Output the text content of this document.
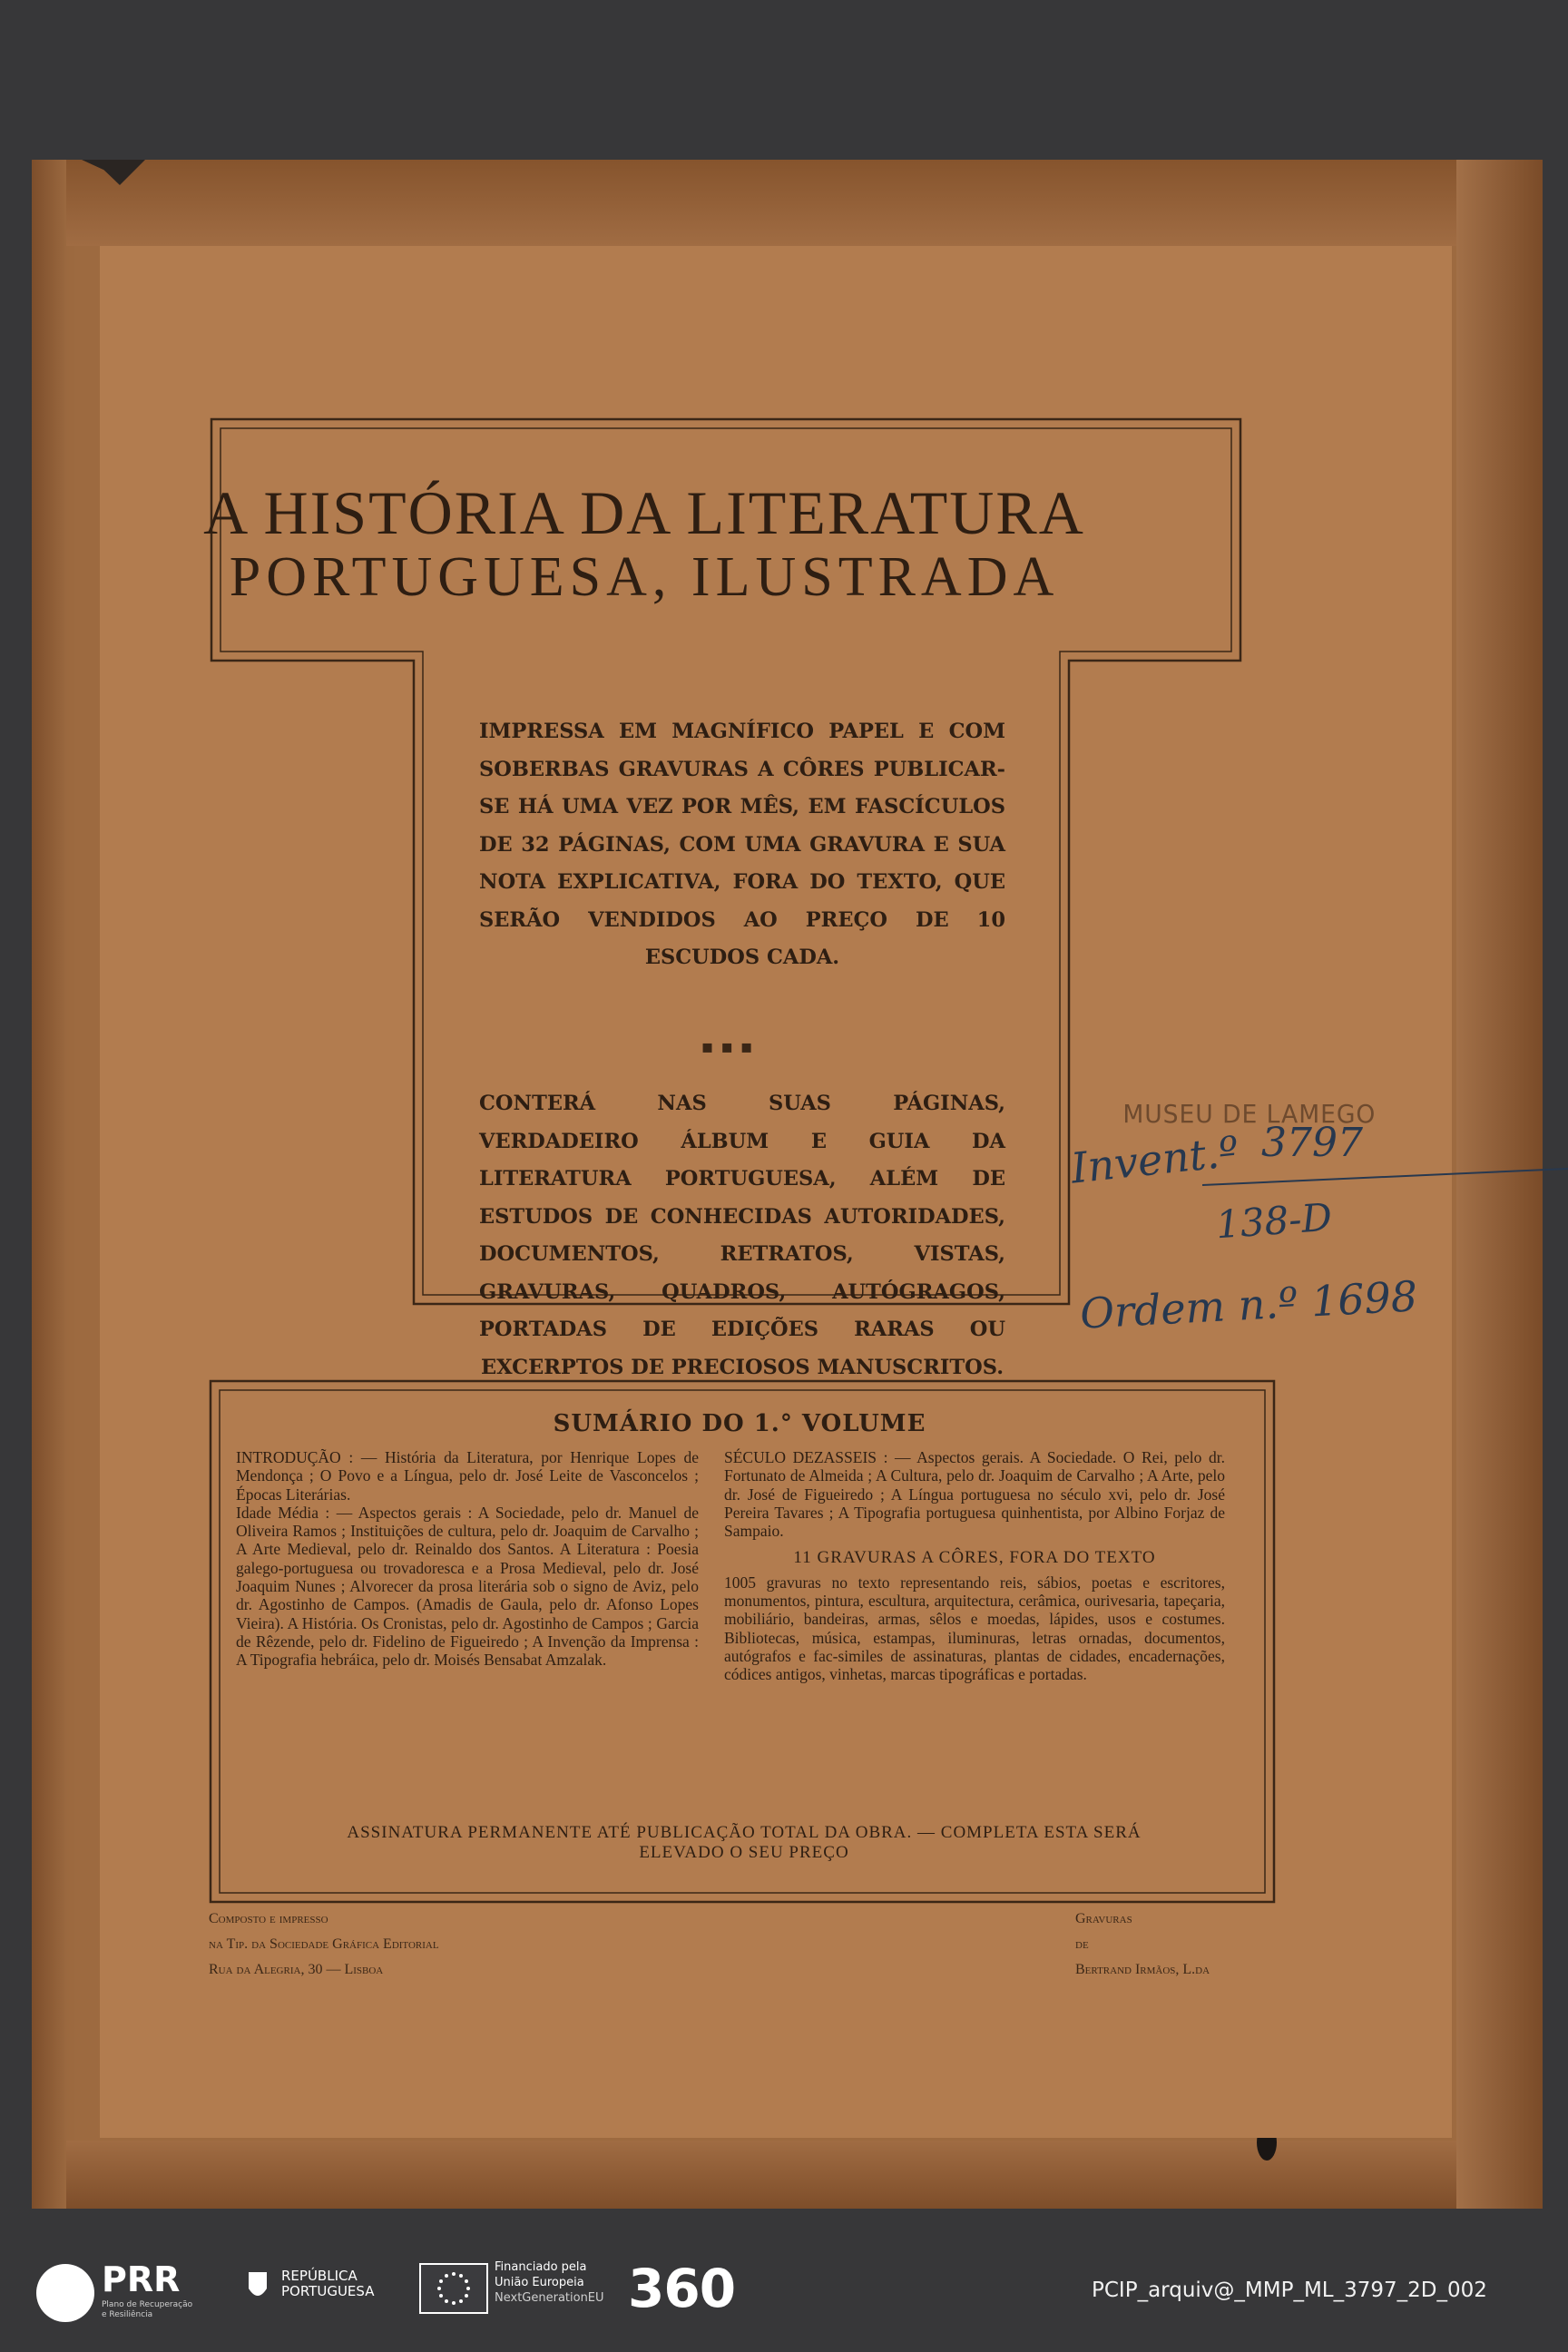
A HISTÓRIA DA LITERATURA
PORTUGUESA, ILUSTRADA
IMPRESSA EM MAGNÍFICO PAPEL E COM SOBERBAS GRAVURAS A CÔRES PUBLICAR-SE HÁ UMA VEZ POR MÊS, EM FASCÍCULOS DE 32 PÁGINAS, COM UMA GRAVURA E SUA NOTA EXPLICATIVA, FORA DO TEXTO, QUE SERÃO VENDIDOS AO PREÇO DE 10 ESCUDOS CADA.
▪▪▪
CONTERÁ NAS SUAS PÁGINAS, VERDADEIRO ÁLBUM E GUIA DA LITERATURA PORTUGUESA, ALÉM DE ESTUDOS DE CONHECIDAS AUTORIDADES, DOCUMENTOS, RETRATOS, VISTAS, GRAVURAS, QUADROS, AUTÓGRAGOS, PORTADAS DE EDIÇÕES RARAS OU EXCERPTOS DE PRECIOSOS MANUSCRITOS.
SUMÁRIO DO 1.° VOLUME
INTRODUÇÃO : — História da Literatura, por Henrique Lopes de Mendonça ; O Povo e a Língua, pelo dr. José Leite de Vasconcelos ; Épocas Literárias.
Idade Média : — Aspectos gerais : A Sociedade, pelo dr. Manuel de Oliveira Ramos ; Instituições de cultura, pelo dr. Joaquim de Carvalho ; A Arte Medieval, pelo dr. Reinaldo dos Santos. A Literatura : Poesia galego-portuguesa ou trovadoresca e a Prosa Medieval, pelo dr. José Joaquim Nunes ; Alvorecer da prosa literária sob o signo de Aviz, pelo dr. Agostinho de Campos. (Amadis de Gaula, pelo dr. Afonso Lopes Vieira). A História. Os Cronistas, pelo dr. Agostinho de Campos ; Garcia de Rêzende, pelo dr. Fidelino de Figueiredo ; A Invenção da Imprensa : A Tipografia hebráica, pelo dr. Moisés Bensabat Amzalak.
SÉCULO DEZASSEIS : — Aspectos gerais. A Sociedade. O Rei, pelo dr. Fortunato de Almeida ; A Cultura, pelo dr. Joaquim de Carvalho ; A Arte, pelo dr. José de Figueiredo ; A Língua portuguesa no século xvi, pelo dr. José Pereira Tavares ; A Tipografia portuguesa quinhentista, por Albino Forjaz de Sampaio.
11 GRAVURAS A CÔRES, FORA DO TEXTO
1005 gravuras no texto representando reis, sábios, poetas e escritores, monumentos, pintura, escultura, arquitectura, cerâmica, ourivesaria, tapeçaria, mobiliário, bandeiras, armas, sêlos e moedas, lápides, usos e costumes. Bibliotecas, música, estampas, iluminuras, letras ornadas, documentos, autógrafos e fac-similes de assinaturas, plantas de cidades, encadernações, códices antigos, vinhetas, marcas tipográficas e portadas.
ASSINATURA PERMANENTE ATÉ PUBLICAÇÃO TOTAL DA OBRA. — COMPLETA ESTA SERÁ
ELEVADO O SEU PREÇO
Composto e impresso
na Tip. da Sociedade Gráfica Editorial
Rua da Alegria, 30 — Lisboa
Gravuras
de
Bertrand Irmãos, L.da
MUSEU DE LAMEGO
Invent.º 3797
138-D
Ordem n.º 1698
PRR
Plano de Recuperação
e Resiliência
REPÚBLICA
PORTUGUESA
Financiado pela
União Europeia
NextGenerationEU 360	PCIP_arquiv@_MMP_ML_3797_2D_002
